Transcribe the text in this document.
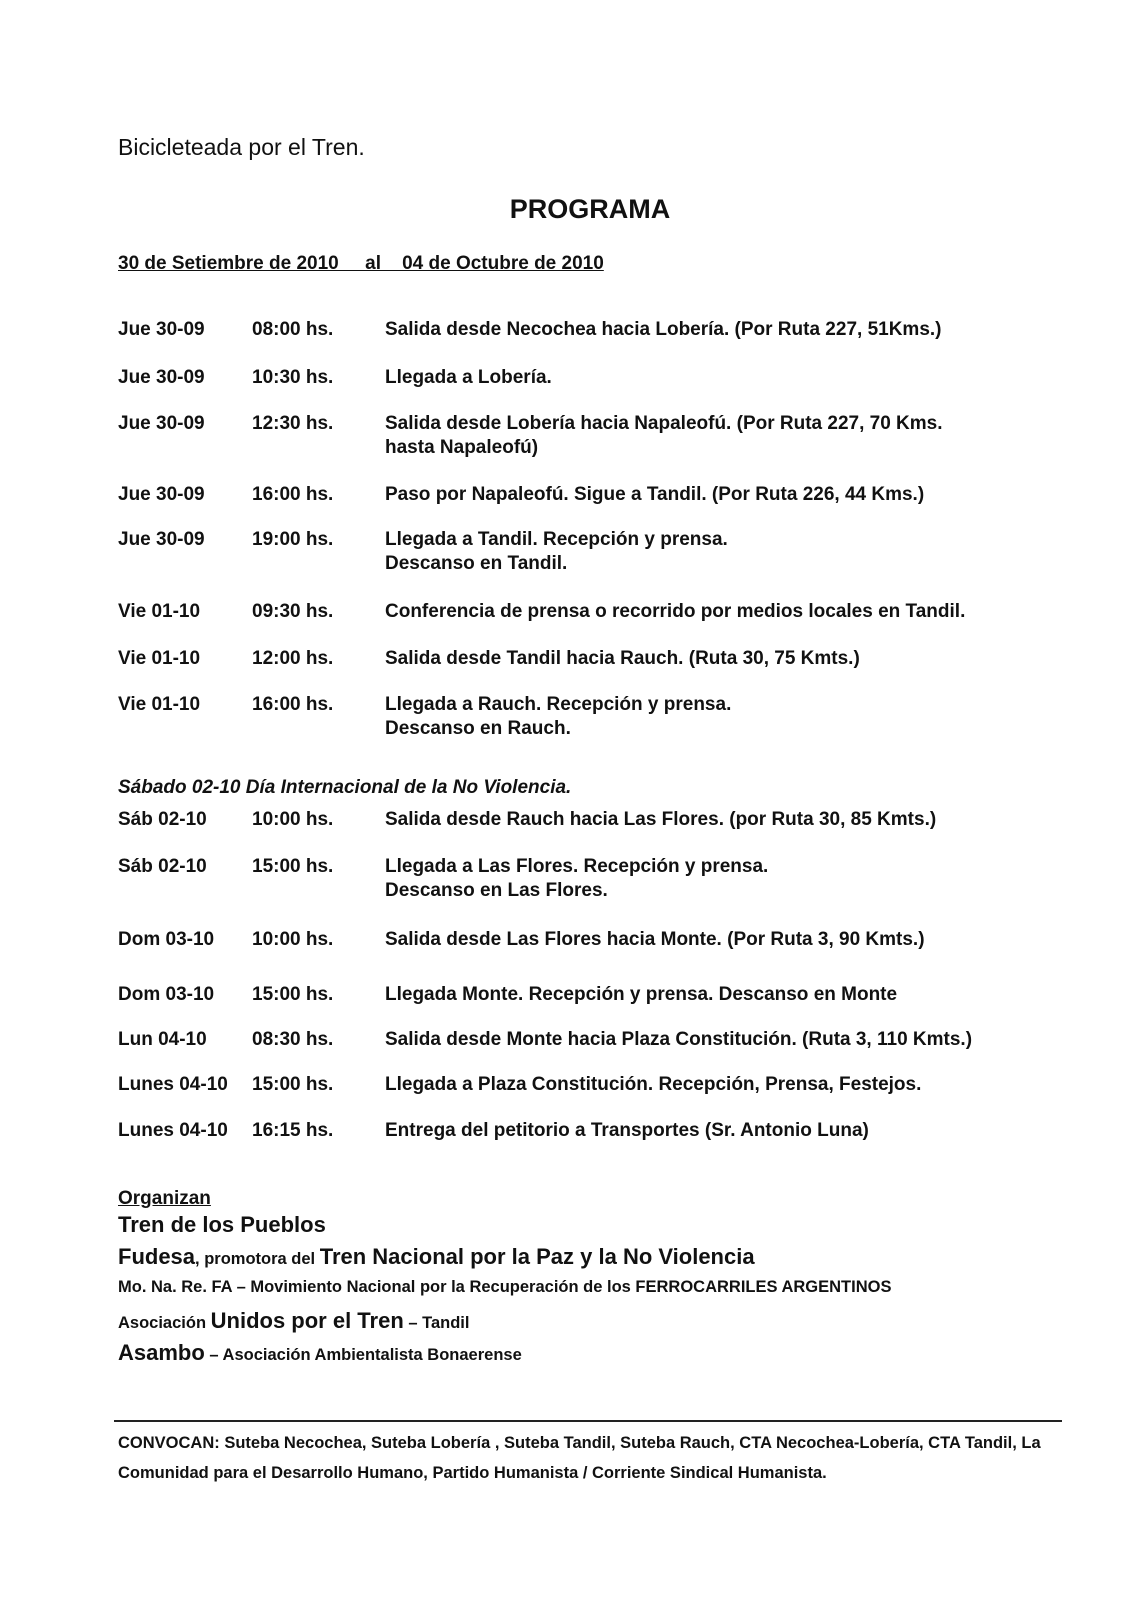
Bicicleteada por el Tren.
PROGRAMA
30 de Setiembre de 2010     al    04 de Octubre de 2010
Jue 30-09 08:00 hs.	Salida desde Necochea hacia Lobería. (Por Ruta 227, 51Kms.)
Jue 30-09 10:30 hs.	Llegada a Lobería.
Jue 30-09 12:30 hs.	Salida desde Lobería hacia Napaleofú. (Por Ruta 227, 70 Kms.
hasta Napaleofú)
Jue 30-09 16:00 hs.	Paso por Napaleofú. Sigue a Tandil. (Por Ruta 226, 44 Kms.)
Jue 30-09 19:00 hs.	Llegada a Tandil. Recepción y prensa.
Descanso en Tandil.
Vie 01-10	09:30 hs.	Conferencia de prensa o recorrido por medios locales en Tandil.
Vie 01-10	12:00 hs.	Salida desde Tandil hacia Rauch. (Ruta 30, 75 Kmts.)
Vie 01-10	16:00 hs.	Llegada a Rauch. Recepción y prensa.
Descanso en Rauch.
Sáb 02-10 10:00 hs.	Salida desde Rauch hacia Las Flores. (por Ruta 30, 85 Kmts.)
Sáb 02-10 15:00 hs.	Llegada a Las Flores. Recepción y prensa.
Descanso en Las Flores.
Dom 03-10 10:00 hs.	Salida desde Las Flores hacia Monte. (Por Ruta 3, 90 Kmts.)
Dom 03-10 15:00 hs.	Llegada Monte. Recepción y prensa. Descanso en Monte
Lun 04-10 08:30 hs.	Salida desde Monte hacia Plaza Constitución. (Ruta 3, 110 Kmts.)
Lunes 04-10 15:00 hs.	Llegada a Plaza Constitución. Recepción, Prensa, Festejos.
Lunes 04-10 16:15 hs.	Entrega del petitorio a Transportes (Sr. Antonio Luna)
Sábado 02-10 Día Internacional de la No Violencia.
Organizan
Tren de los Pueblos
Fudesa, promotora del Tren Nacional por la Paz y la No Violencia
Mo. Na. Re. FA – Movimiento Nacional por la Recuperación de los FERROCARRILES ARGENTINOS
Asociación Unidos por el Tren – Tandil
Asambo – Asociación Ambientalista Bonaerense
CONVOCAN: Suteba Necochea, Suteba Lobería , Suteba Tandil, Suteba Rauch, CTA Necochea-Lobería, CTA Tandil, La Comunidad para el Desarrollo Humano, Partido Humanista / Corriente Sindical Humanista.
